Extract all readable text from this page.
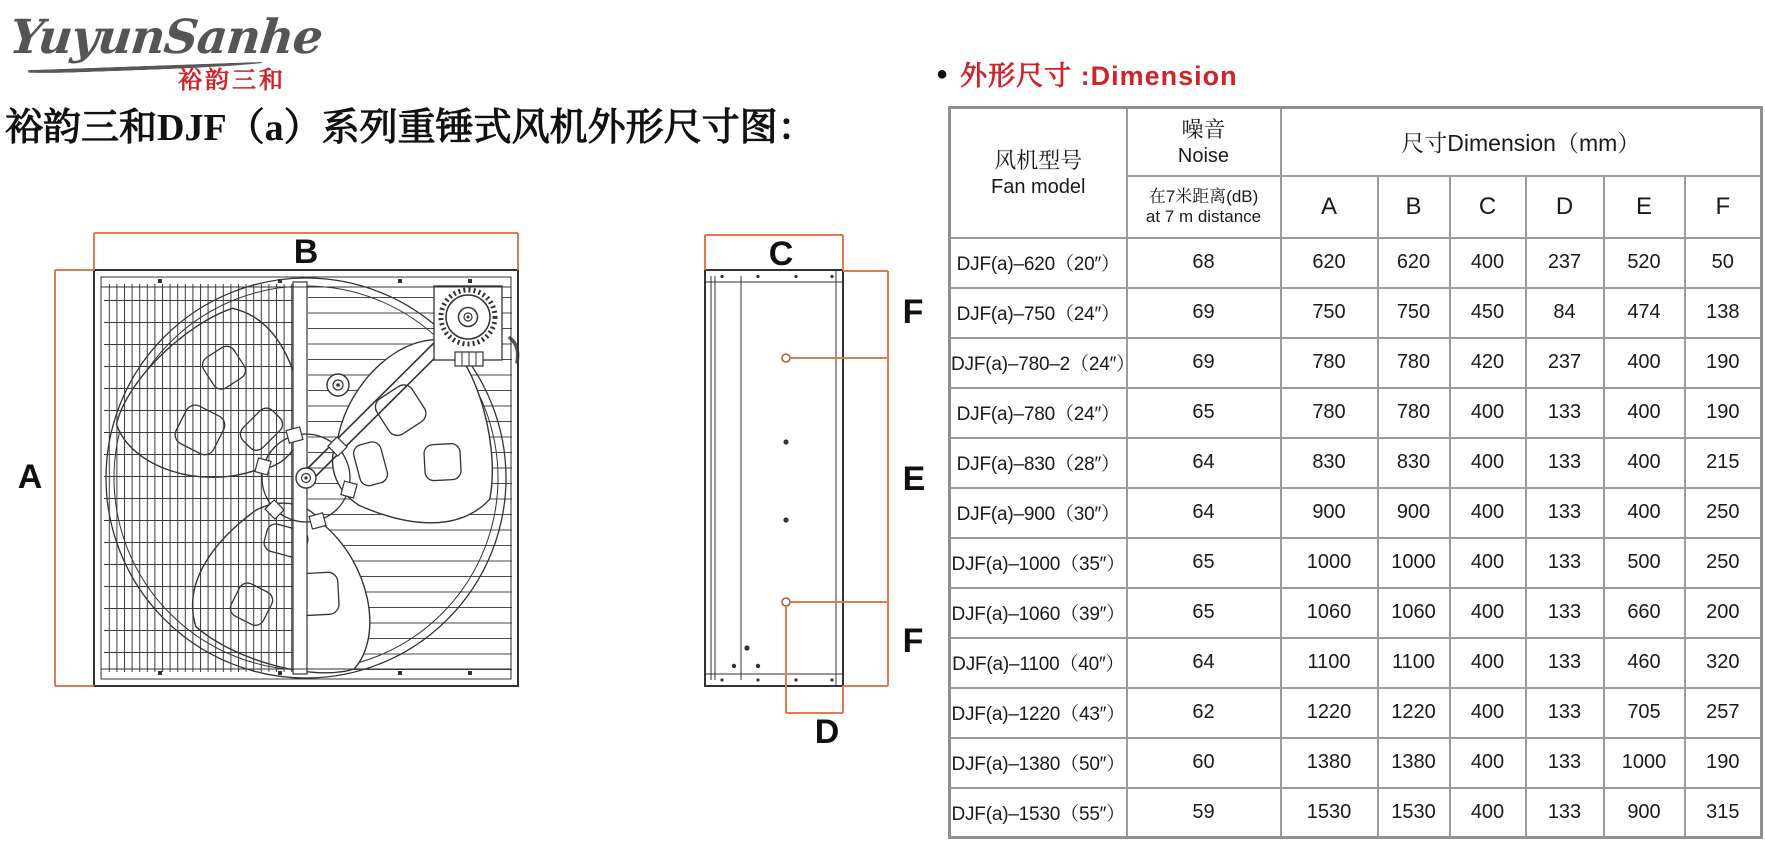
YuyunSanhe
裕韵三和
裕韵三和DJF（a）系列重锤式风机外形尺寸图：
B
A
C
F
E
F
D
● 外形尺寸 :Dimension
风机型号
Fan model	噪音
Noise	尺寸Dimension（mm）					

	在7米距离(dB)
at 7 m distance	A	B	C	D	E	F
DJF(a)–620（20″）	68	620	620	400	237	520	50
DJF(a)–750（24″）	69	750	750	450	84	474	138
DJF(a)–780–2（24″）	69	780	780	420	237	400	190
DJF(a)–780（24″）	65	780	780	400	133	400	190
DJF(a)–830（28″）	64	830	830	400	133	400	215
DJF(a)–900（30″）	64	900	900	400	133	400	250
DJF(a)–1000（35″）	65	1000	1000	400	133	500	250
DJF(a)–1060（39″）	65	1060	1060	400	133	660	200
DJF(a)–1100（40″）	64	1100	1100	400	133	460	320
DJF(a)–1220（43″）	62	1220	1220	400	133	705	257
DJF(a)–1380（50″）	60	1380	1380	400	133	1000	190
DJF(a)–1530（55″）	59	1530	1530	400	133	900	315
